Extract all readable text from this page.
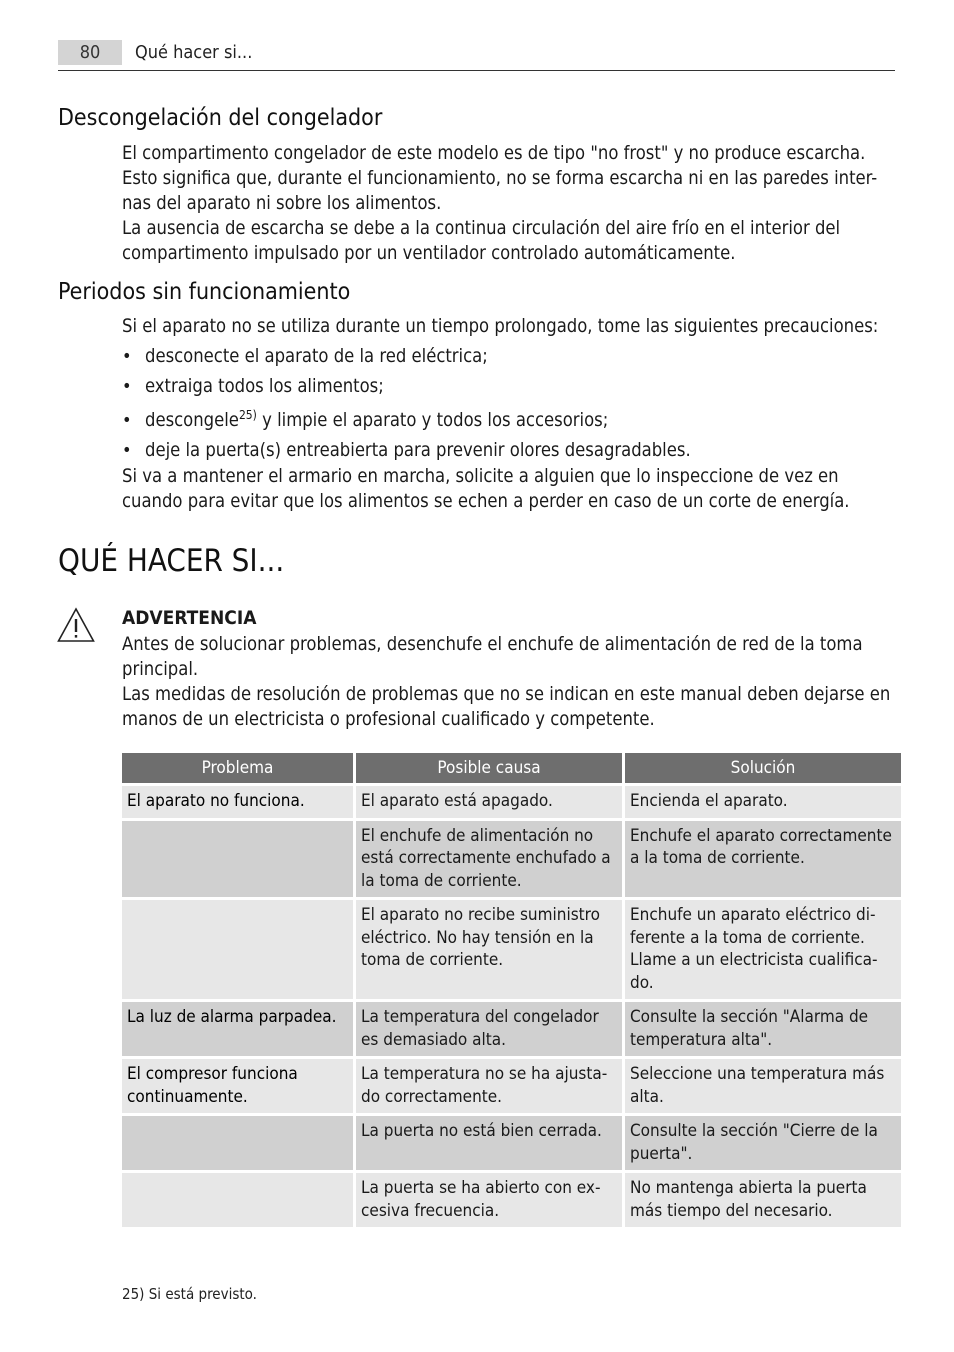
80	Qué hacer si...
Descongelación del congelador

El compartimento congelador de este modelo es de tipo "no frost" y no produce escarcha.

Esto significa que, durante el funcionamiento, no se forma escarcha ni en las paredes inter-

nas del aparato ni sobre los alimentos.

La ausencia de escarcha se debe a la continua circulación del aire frío en el interior del

compartimento impulsado por un ventilador controlado automáticamente.

Periodos sin funcionamiento
Si el aparato no se utiliza durante un tiempo prolongado, tome las siguientes precauciones:
• desconecte el aparato de la red eléctrica;
• extraiga todos los alimentos;
• descongele$^{25)}$ y limpie el aparato y todos los accesorios;
• deje la puerta(s) entreabierta para prevenir olores desagradables.

Si va a mantener el armario en marcha, solicite a alguien que lo inspeccione de vez en

cuando para evitar que los alimentos se echen a perder en caso de un corte de energía.

QUÉ HACER SI...
ADVERTENCIA

Antes de solucionar problemas, desenchufe el enchufe de alimentación de red de la toma

principal.

Las medidas de resolución de problemas que no se indican en este manual deben dejarse en

manos de un electricista o profesional cualificado y competente.

Problema	Posible causa	Solución
El aparato no funciona.	El aparato está apagado.	Encienda el aparato.
	El enchufe de alimentación no está correctamente enchufado a la toma de corriente.	Enchufe el aparato correctamente a la toma de corriente.
	El aparato no recibe suministro eléctrico. No hay tensión en la toma de corriente.	Enchufe un aparato eléctrico di-ferente a la toma de corriente. Llame a un electricista cualifica-do.
La luz de alarma parpadea.	La temperatura del congelador es demasiado alta.	Consulte la sección "Alarma de temperatura alta".
El compresor funciona continuamente.	La temperatura no se ha ajusta-do correctamente.	Seleccione una temperatura más alta.
	La puerta no está bien cerrada.	Consulte la sección "Cierre de la puerta".
	La puerta se ha abierto con ex-cesiva frecuencia.	No mantenga abierta la puerta más tiempo del necesario.
25) Si está previsto.
